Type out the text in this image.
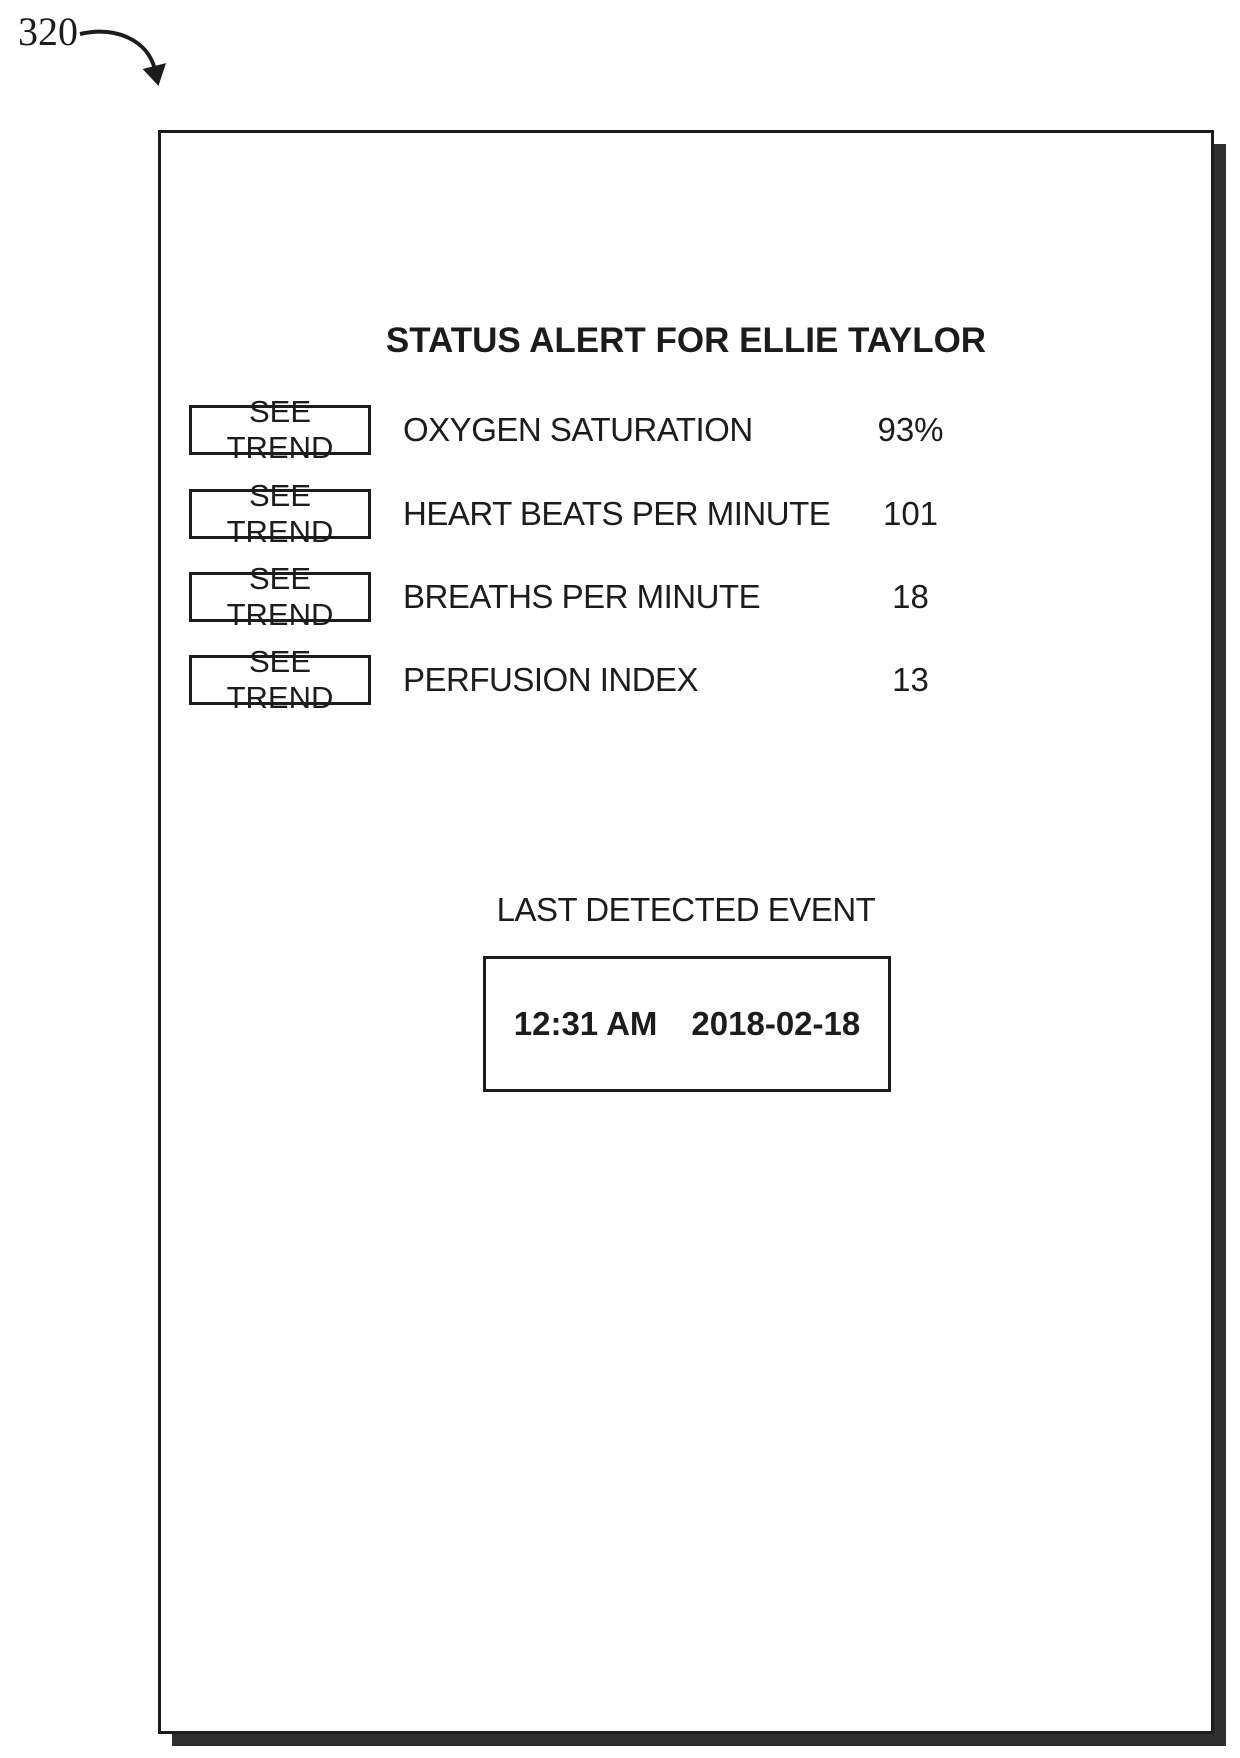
320
STATUS ALERT FOR ELLIE TAYLOR
SEE TREND	OXYGEN SATURATION	93%
SEE TREND	HEART BEATS PER MINUTE	101
SEE TREND	BREATHS PER MINUTE	18
SEE TREND	PERFUSION INDEX	13
LAST DETECTED EVENT
12:31 AM 2018-02-18
